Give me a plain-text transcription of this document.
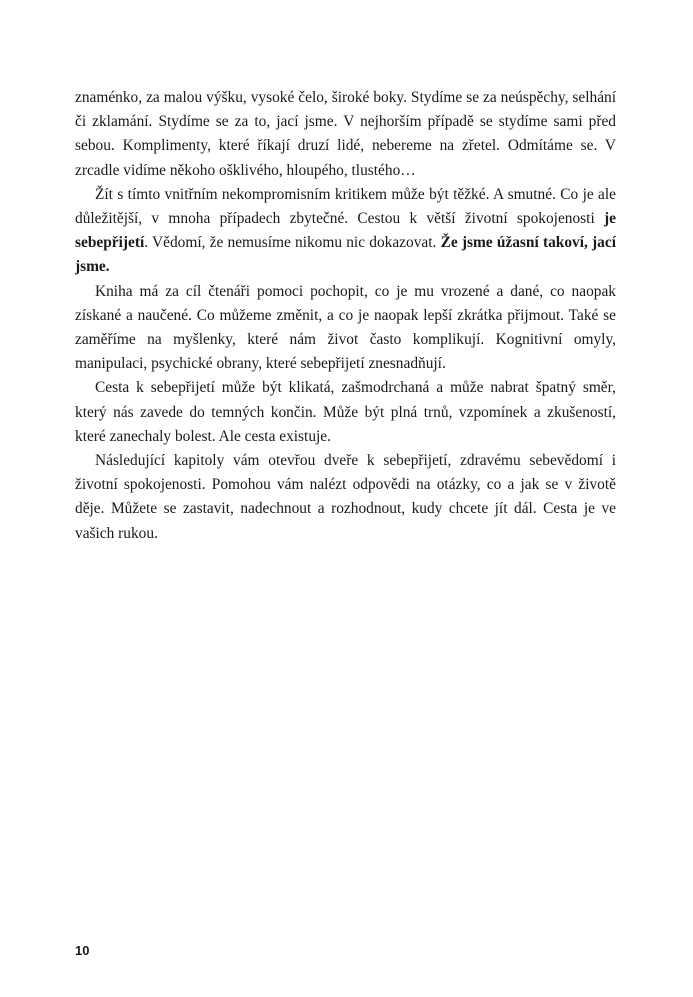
znaménko, za malou výšku, vysoké čelo, široké boky. Stydíme se za neúspěchy, selhání či zklamání. Stydíme se za to, jací jsme. V nejhorším případě se stydíme sami před sebou. Komplimenty, které říkají druzí lidé, nebereme na zřetel. Odmítáme se. V zrcadle vidíme někoho ošklivého, hloupého, tlustého…

Žít s tímto vnitřním nekompromisním kritikem může být těžké. A smutné. Co je ale důležitější, v mnoha případech zbytečné. Cestou k větší životní spokojenosti je sebepřijetí. Vědomí, že nemusíme nikomu nic dokazovat. Že jsme úžasní takoví, jací jsme.

Kniha má za cíl čtenáři pomoci pochopit, co je mu vrozené a dané, co naopak získané a naučené. Co můžeme změnit, a co je naopak lepší zkrátka přijmout. Také se zaměříme na myšlenky, které nám život často komplikují. Kognitivní omyly, manipulaci, psychické obrany, které sebepřijetí znesnadňují.

Cesta k sebepřijetí může být klikatá, zašmodrchaná a může nabrat špatný směr, který nás zavede do temných končin. Může být plná trnů, vzpomínek a zkušeností, které zanechaly bolest. Ale cesta existuje.

Následující kapitoly vám otevřou dveře k sebepřijetí, zdravému sebevědomí i životní spokojenosti. Pomohou vám nalézt odpovědi na otázky, co a jak se v životě děje. Můžete se zastavit, nadechnout a rozhodnout, kudy chcete jít dál. Cesta je ve vašich rukou.

10
